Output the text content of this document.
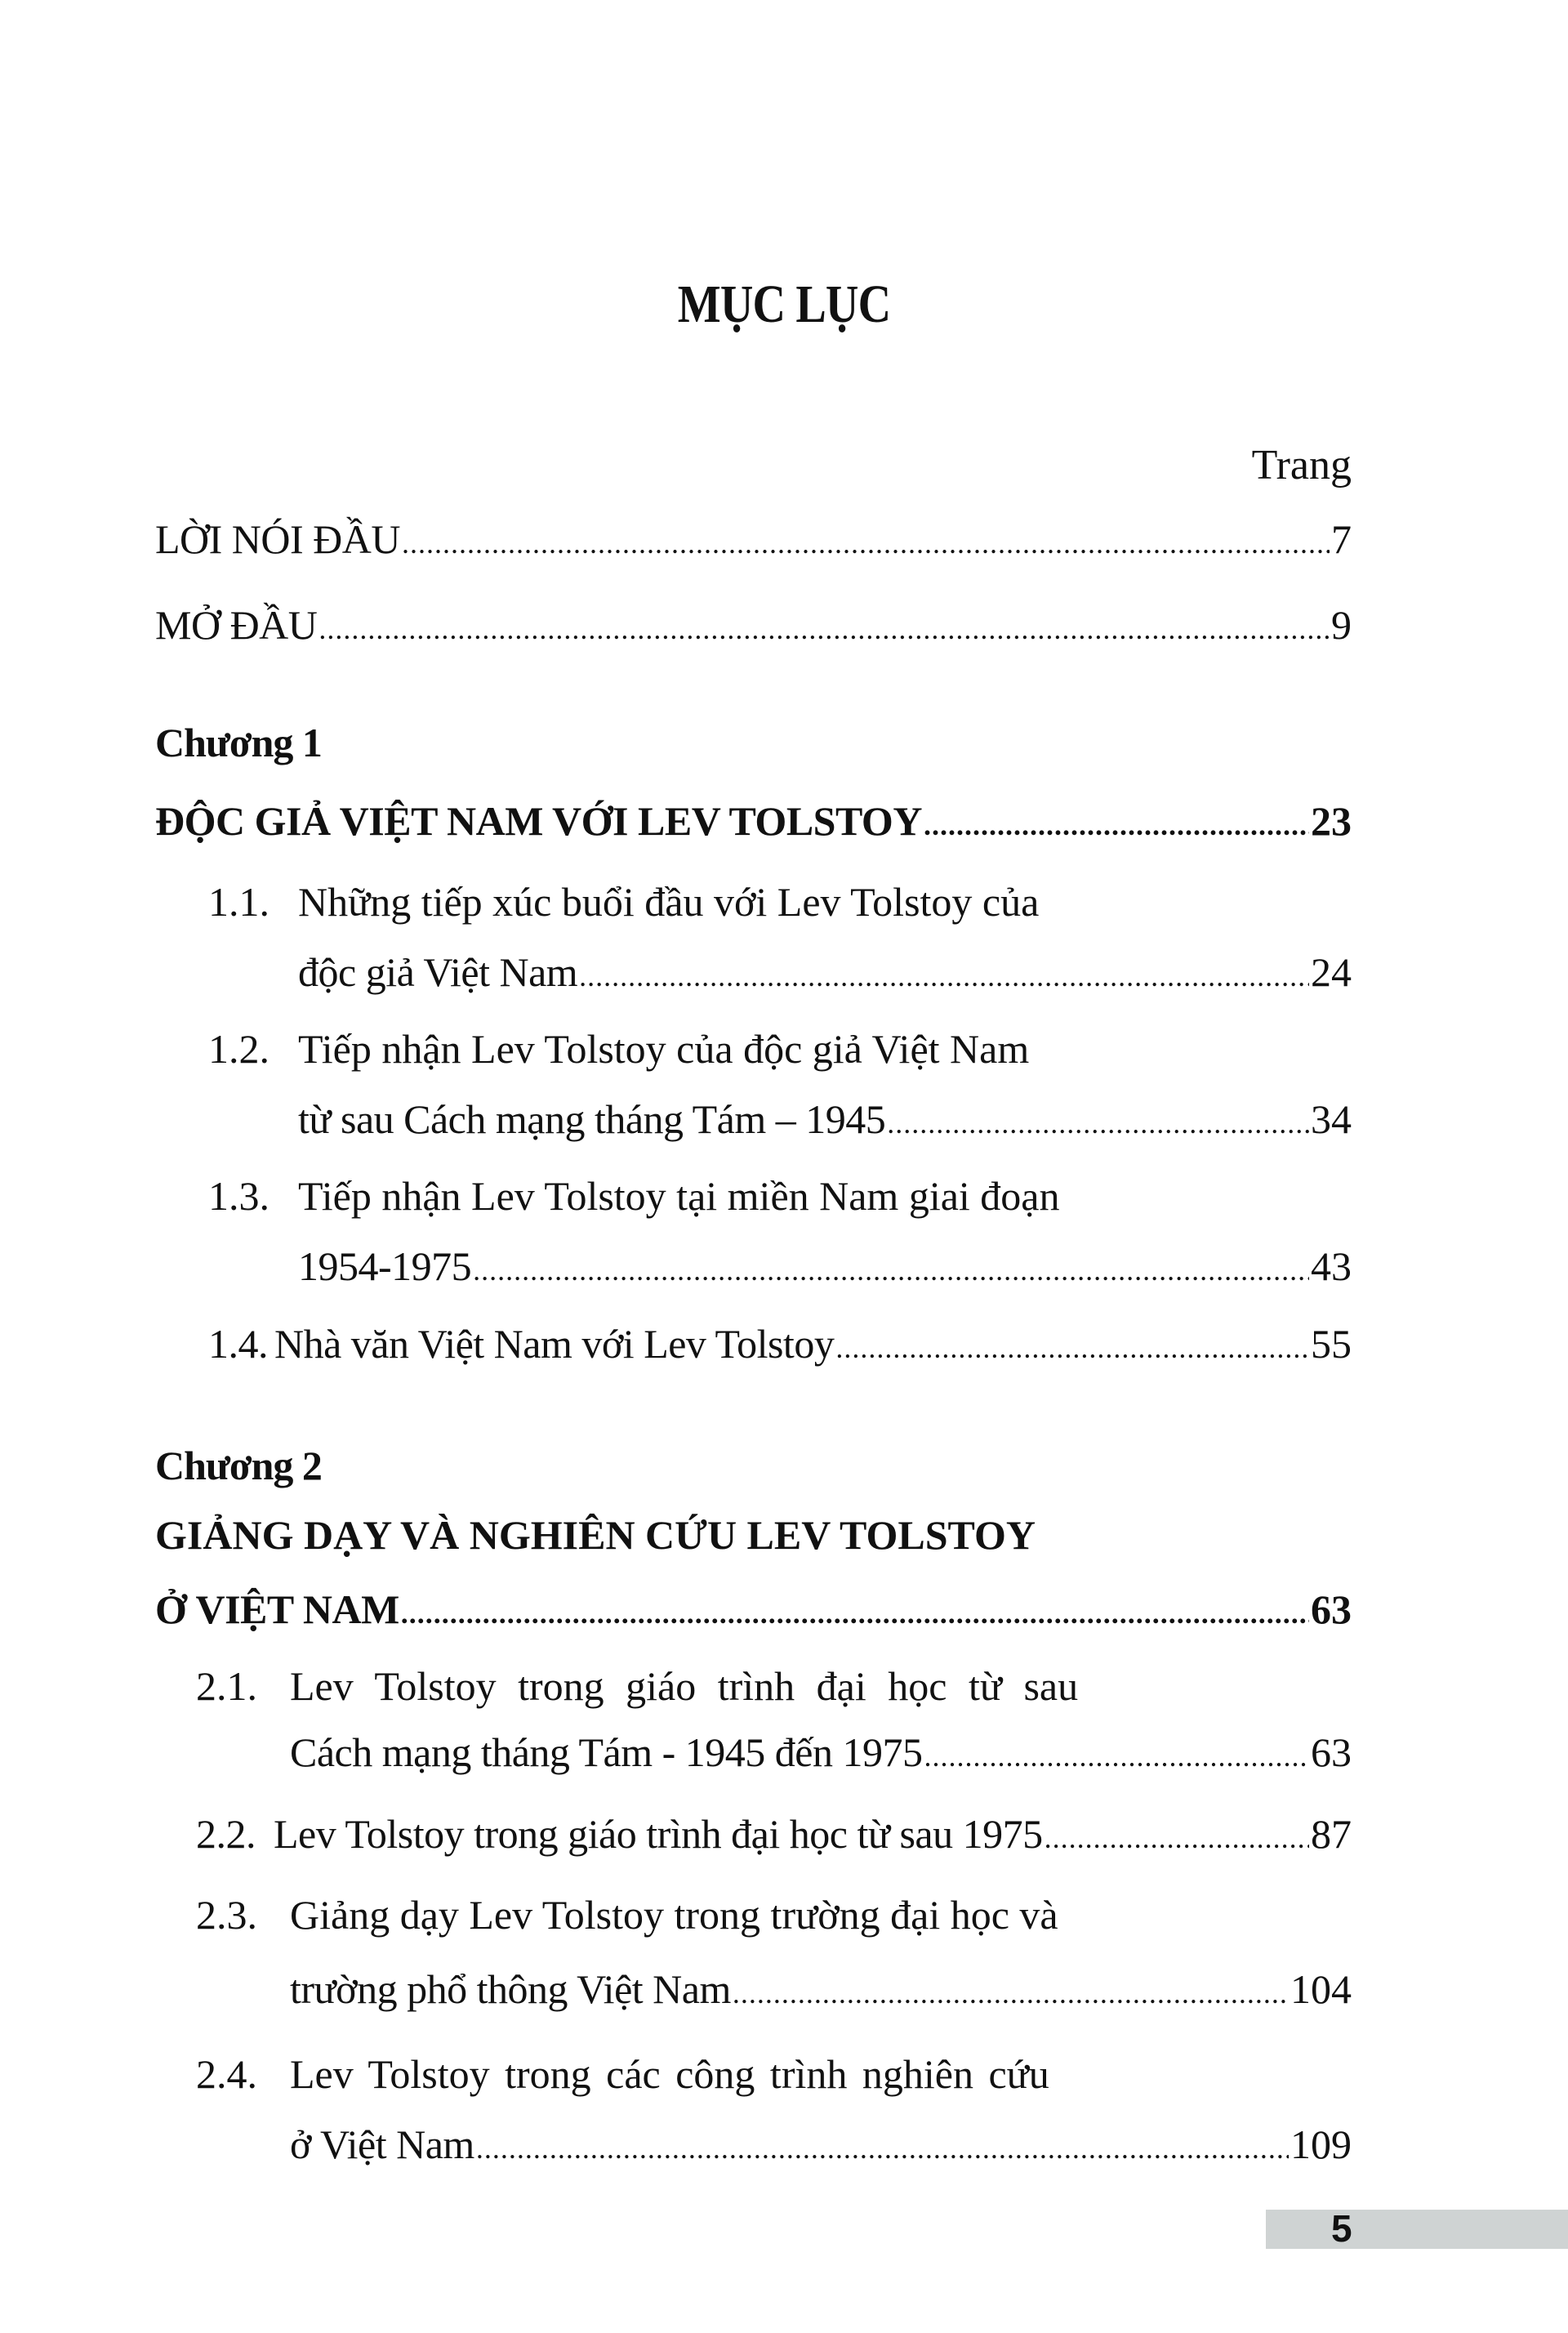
MỤC LỤC
Trang
LỜI NÓI ĐẦU .....	7
MỞ ĐẦU .....	9
Chương 1
ĐỘC GIẢ VIỆT NAM VỚI LEV TOLSTOY .....	23
1.1. Những tiếp xúc buổi đầu với Lev Tolstoy của
độc giả Việt Nam .....	24
1.2. Tiếp nhận Lev Tolstoy của độc giả Việt Nam
từ sau Cách mạng tháng Tám – 1945 .....	34
1.3. Tiếp nhận Lev Tolstoy tại miền Nam giai đoạn
1954-1975 .....	43
1.4. Nhà văn Việt Nam với Lev Tolstoy .....	55
Chương 2
GIẢNG DẠY VÀ NGHIÊN CỨU LEV TOLSTOY
Ở VIỆT NAM .....	63
2.1. Lev Tolstoy trong giáo trình đại học từ sau
Cách mạng tháng Tám - 1945 đến 1975 .....	63
2.2. Lev Tolstoy trong giáo trình đại học từ sau 1975 .....	87
2.3. Giảng dạy Lev Tolstoy trong trường đại học và
trường phổ thông Việt Nam .....	104
2.4. Lev Tolstoy trong các công trình nghiên cứu
ở Việt Nam .....	109
5
